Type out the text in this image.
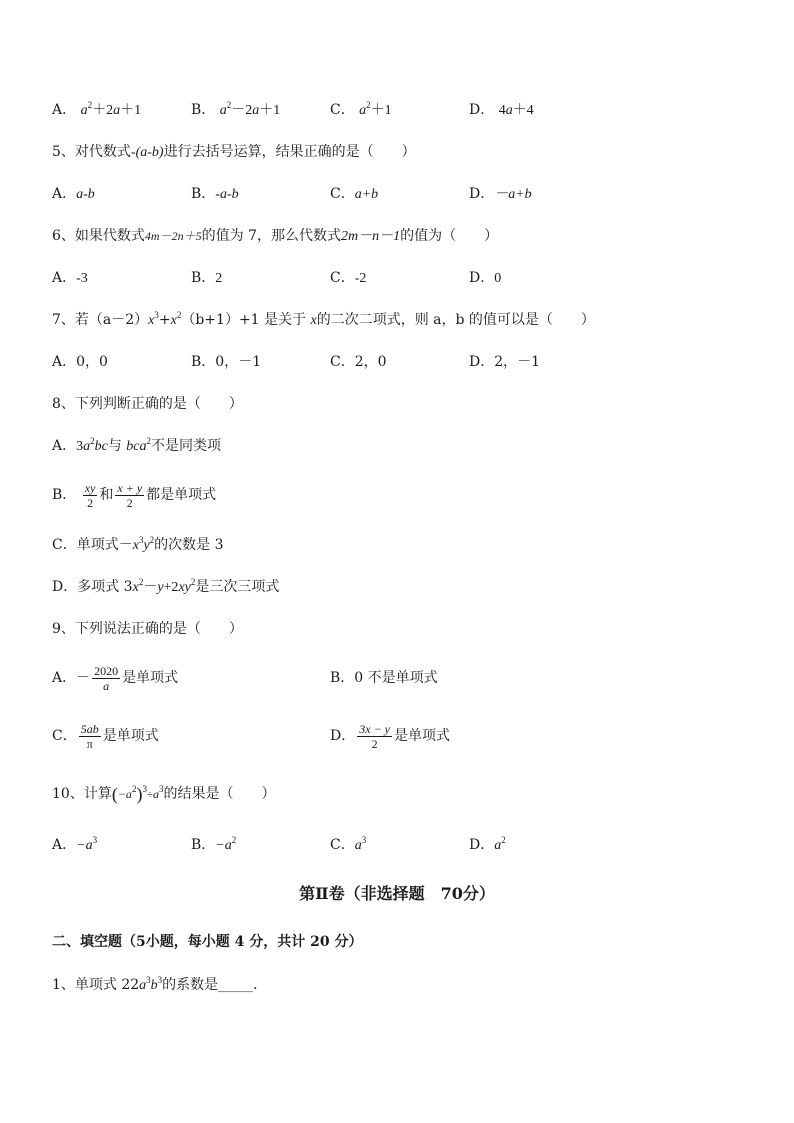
A． $a^2+2a+1$	B． $a^2-2a+1$	C． $a^2+1$	D． 4a＋4
5、对代数式-(a-b)进行去括号运算，结果正确的是（　　）
A．a-b	B．-a-b	C．a+b	D．－a+b
6、如果代数式4m－2n＋5的值为 7，那么代数式2m－n－1的值为（　　）
A．-3	B．2	C．-2	D．0
7、若$(a-2)x^3+x^2(b+1)+1$ 是关于 x的二次二项式，则 a，b 的值可以是（　　）
A．0，0	B．0，－1	C．2，0	D．2，－1
8、下列判断正确的是（　　）
A．$3a^2bc$与 bca$^2$不是同类项
B． $\frac{xy}{2}$ 和 $\frac{x + y}{2}$ 都是单项式
C．单项式$-x^3y^2$的次数是 3
D．多项式 $3x^2-y+2xy^2$是三次三项式
9、下列说法正确的是（　　）
A．－ $\frac{2020}{a}$ 是单项式	B．0 不是单项式
C． $\frac{5ab}{\pi}$ 是单项式	D． $\frac{3x - y}{2}$ 是单项式
10、计算$(-a^2)^3\div a^3$的结果是（　　）
A．$-a^3$	B．$-a^2$	C．$a^3$	D．$a^2$
第Ⅱ卷（非选择题　70分）
二、填空题（5小题，每小题 4 分，共计 20 分）
1、单项式 $22a^3b^3$的系数是_____．
